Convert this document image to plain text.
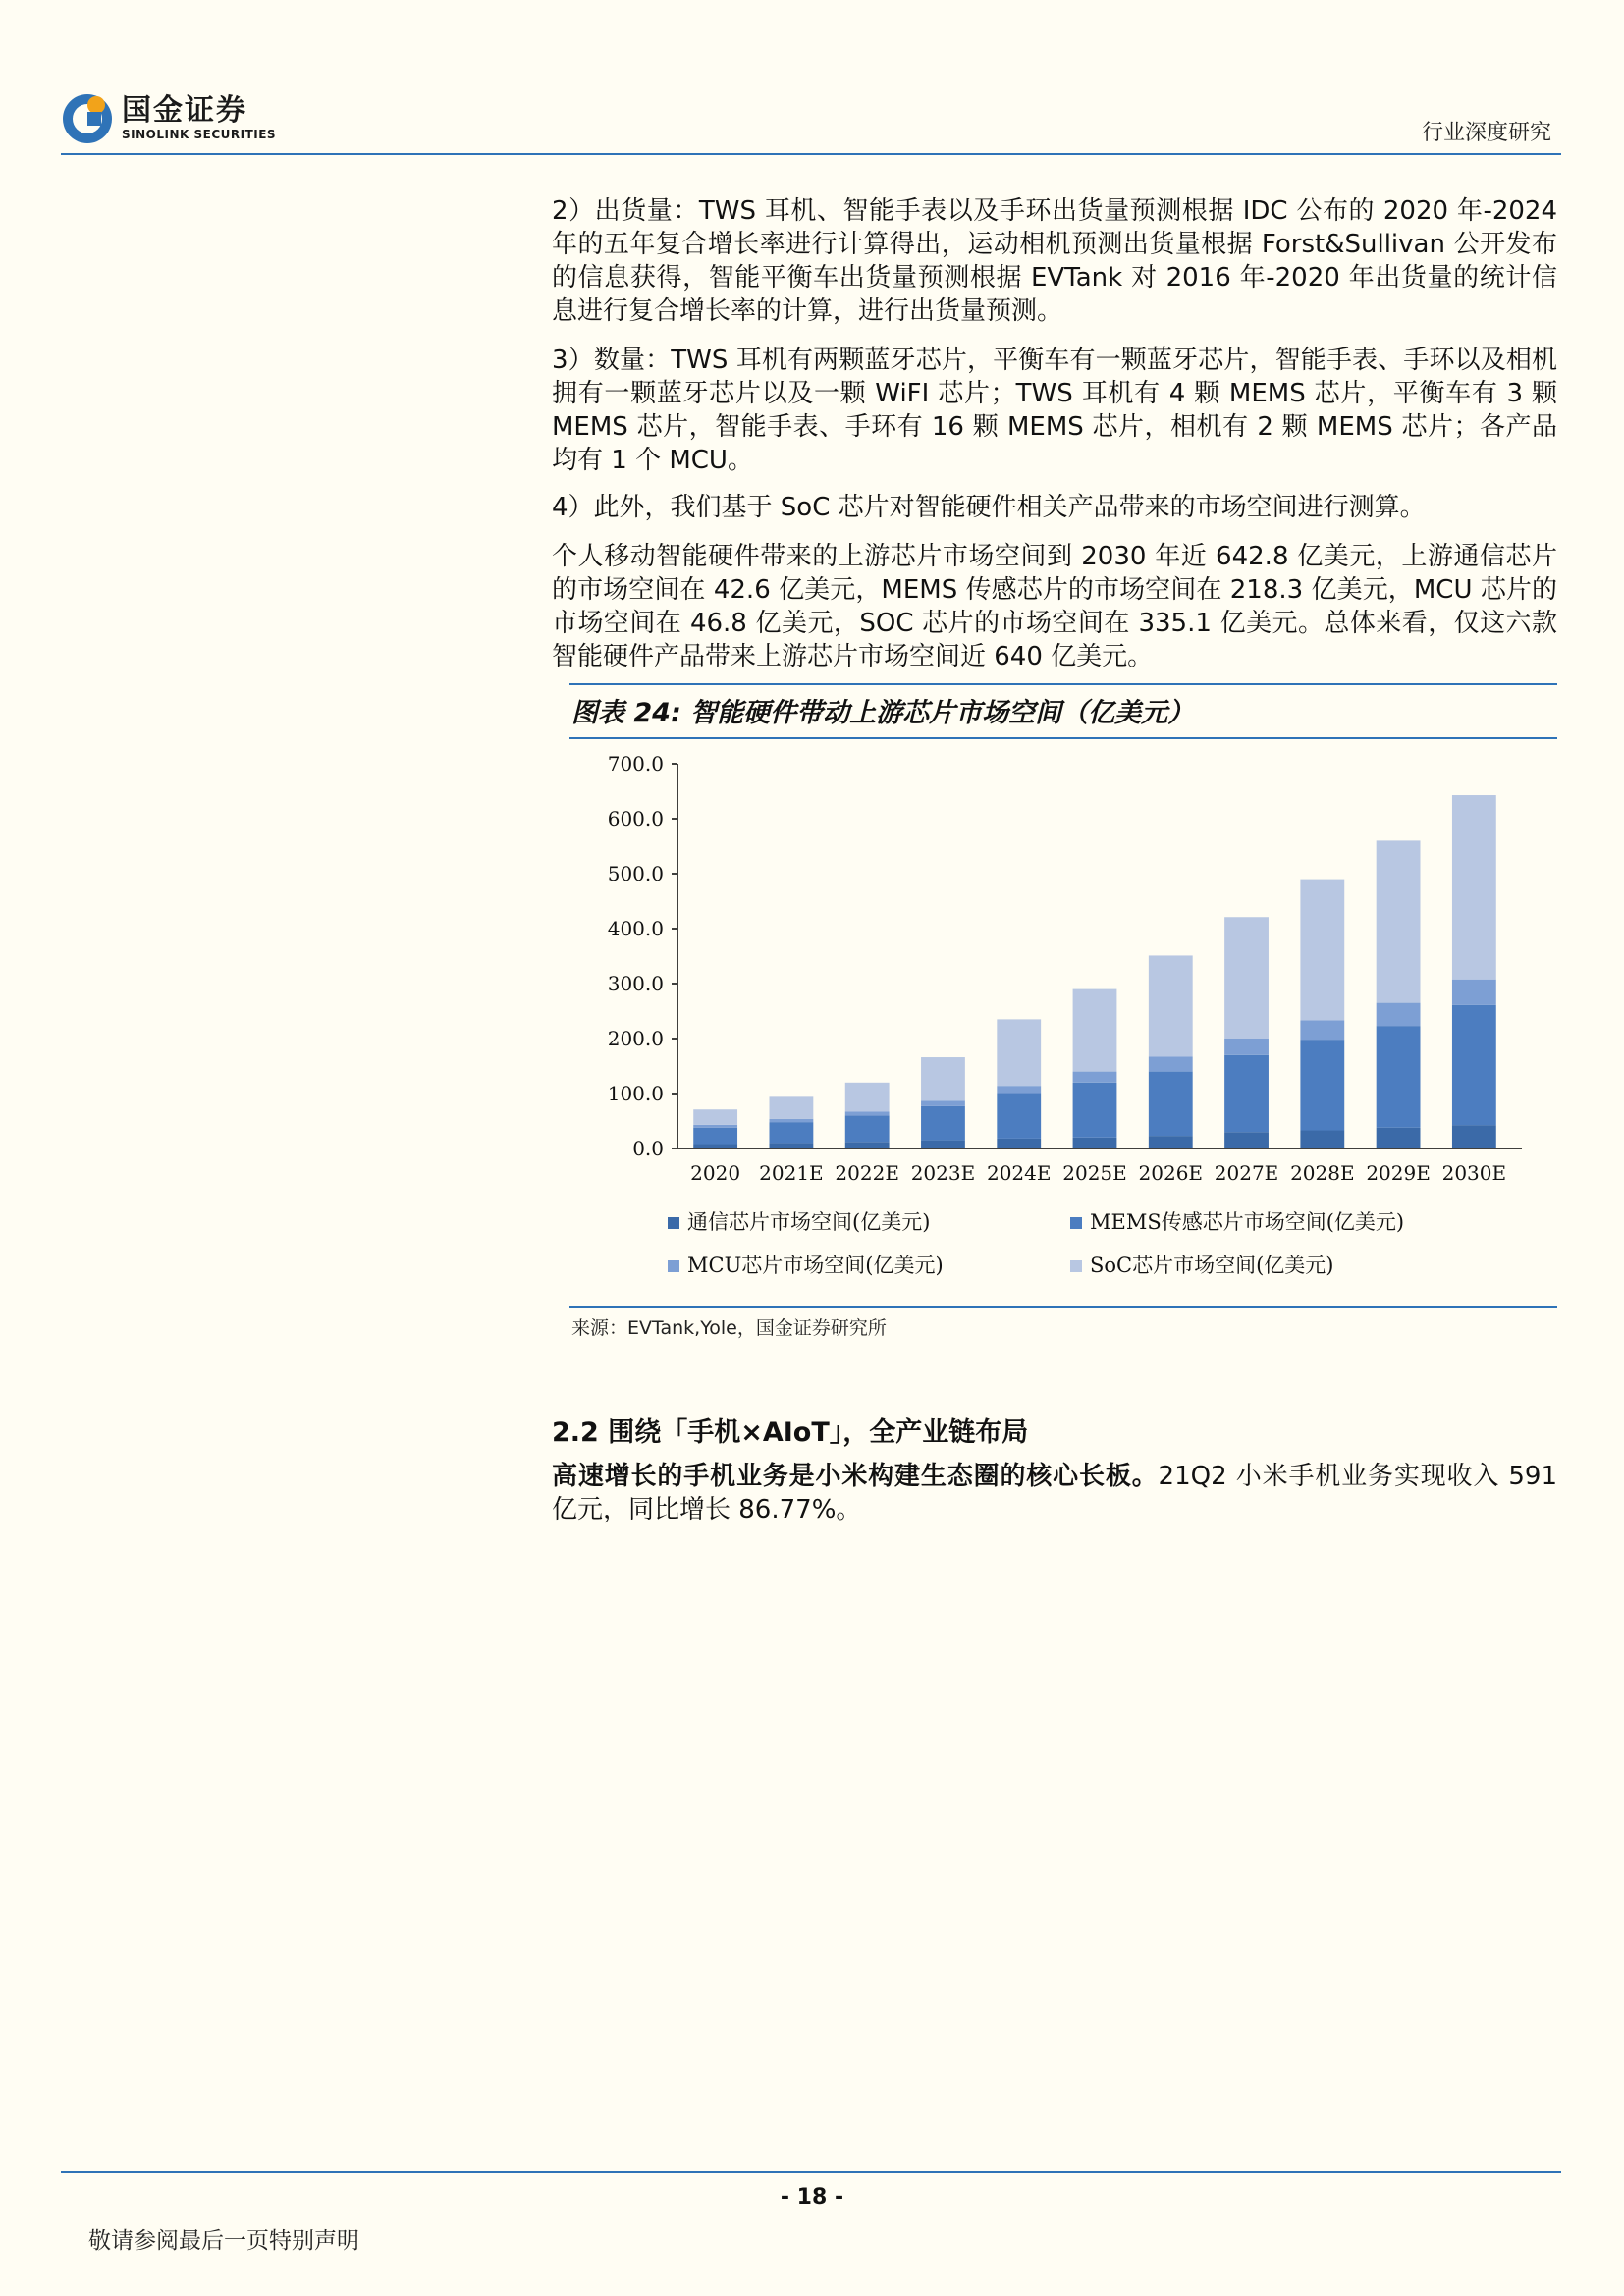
国金证券
SINOLINK SECURITIES	行业深度研究

2）出货量：TWS 耳机、智能手表以及手环出货量预测根据 IDC 公布的 2020 年-2024 年的五年复合增长率进行计算得出，运动相机预测出货量根据 Forst&Sullivan 公开发布的信息获得，智能平衡车出货量预测根据 EVTank 对 2016 年-2020 年出货量的统计信息进行复合增长率的计算，进行出货量预测。

3）数量：TWS 耳机有两颗蓝牙芯片，平衡车有一颗蓝牙芯片，智能手表、手环以及相机拥有一颗蓝牙芯片以及一颗 WiFI 芯片；TWS 耳机有 4 颗 MEMS 芯片，平衡车有 3 颗 MEMS 芯片，智能手表、手环有 16 颗 MEMS 芯片，相机有 2 颗 MEMS 芯片；各产品均有 1 个 MCU。

4）此外，我们基于 SoC 芯片对智能硬件相关产品带来的市场空间进行测算。

个人移动智能硬件带来的上游芯片市场空间到 2030 年近 642.8 亿美元，上游通信芯片的市场空间在 42.6 亿美元，MEMS 传感芯片的市场空间在 218.3 亿美元，MCU 芯片的市场空间在 46.8 亿美元，SOC 芯片的市场空间在 335.1 亿美元。总体来看，仅这六款智能硬件产品带来上游芯片市场空间近 640 亿美元。

图表 24: 智能硬件带动上游芯片市场空间（亿美元）
0.0
100.0
200.0
300.0
400.0
500.0
600.0
700.0
2020 2021E 2022E 2023E 2024E 2025E 2026E 2027E 2028E 2029E 2030E
通信芯片市场空间(亿美元)	MEMS传感芯片市场空间(亿美元)
MCU芯片市场空间(亿美元)	SoC芯片市场空间(亿美元)
来源：EVTank,Yole，国金证券研究所
2.2 围绕「手机×AIoT」，全产业链布局

高速增长的手机业务是小米构建生态圈的核心长板。21Q2 小米手机业务实现收入 591 亿元，同比增长 86.77%。

- 18 -
敬请参阅最后一页特别声明
